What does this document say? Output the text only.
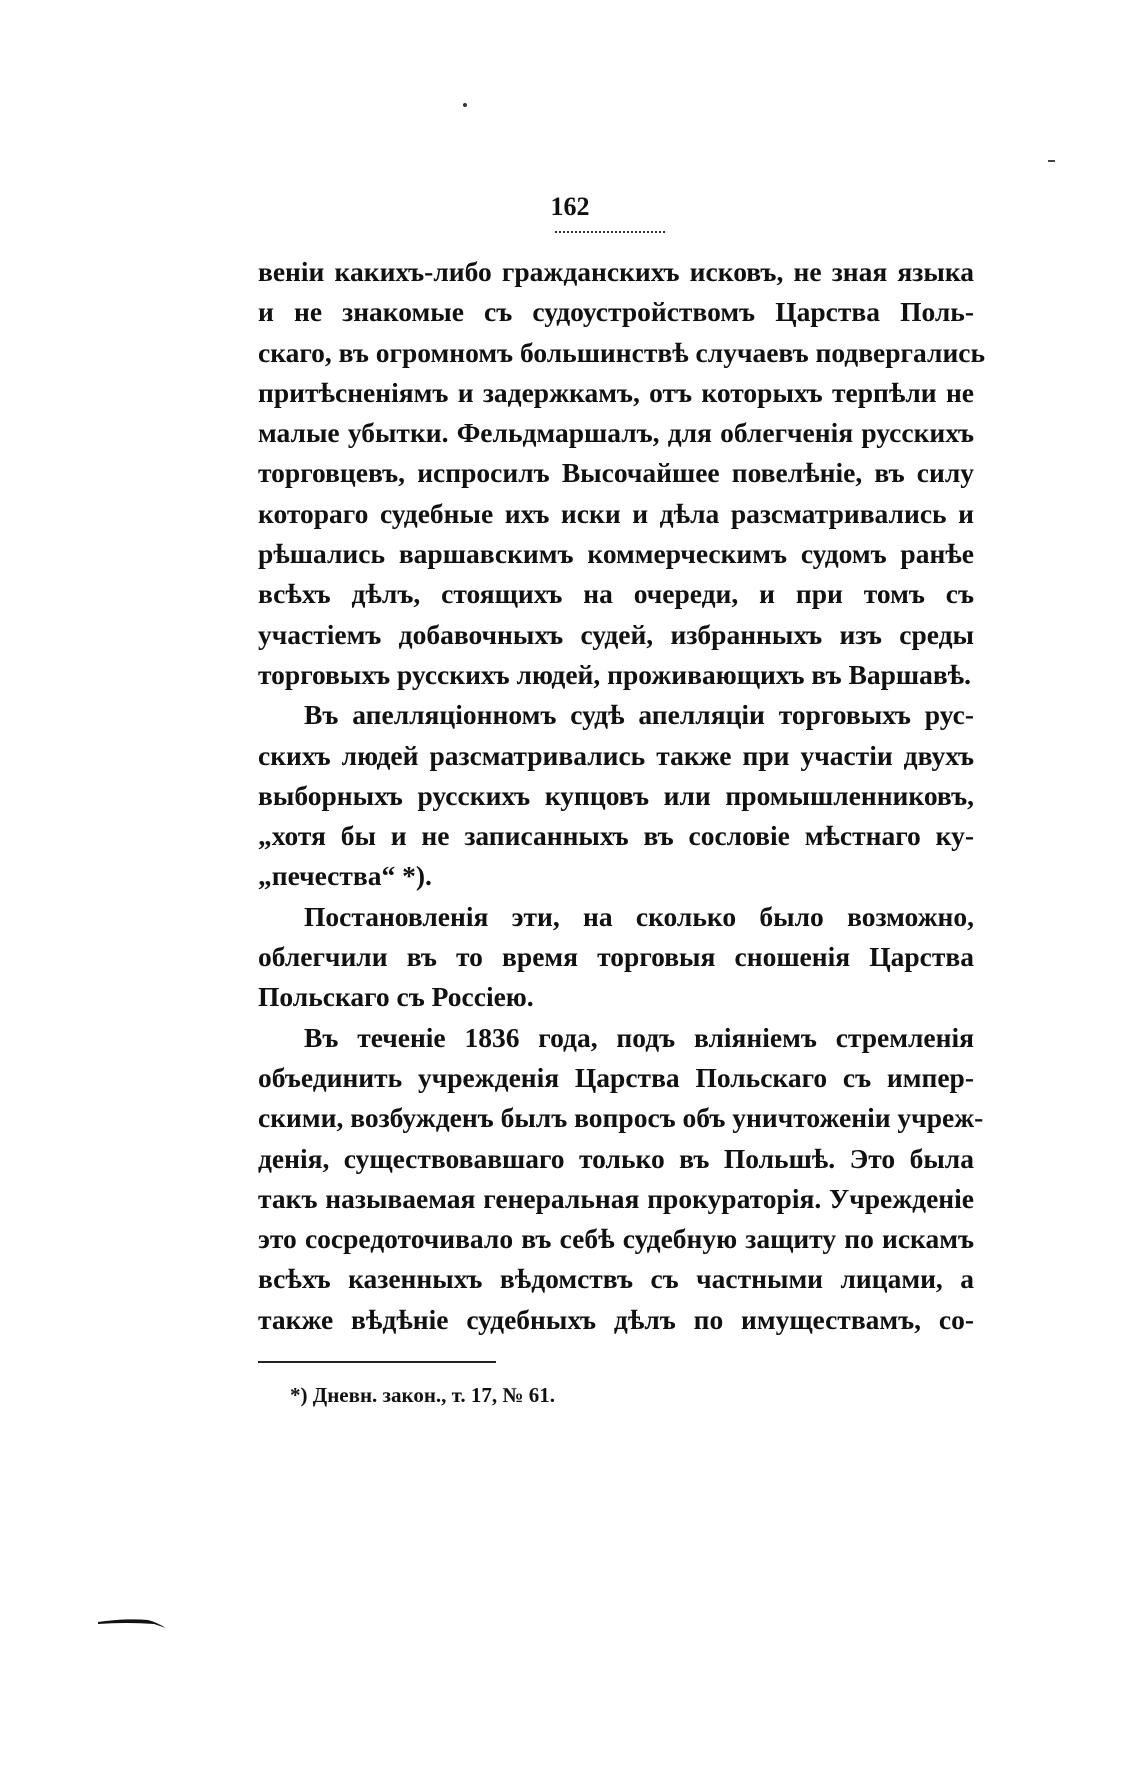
162
веніи какихъ-либо гражданскихъ исковъ, не зная языка
и не знакомые съ судоустройствомъ Царства Поль-
скаго, въ огромномъ большинствѣ случаевъ подвергались
притѣсненіямъ и задержкамъ, отъ которыхъ терпѣли не
малые убытки. Фельдмаршалъ, для облегченія русскихъ
торговцевъ, испросилъ Высочайшее повелѣніе, въ силу
котораго судебные ихъ иски и дѣла разсматривались и
рѣшались варшавскимъ коммерческимъ судомъ ранѣе
всѣхъ дѣлъ, стоящихъ на очереди, и при томъ съ
участіемъ добавочныхъ судей, избранныхъ изъ среды
торговыхъ русскихъ людей, проживающихъ въ Варшавѣ.
Въ апелляціонномъ судѣ апелляціи торговыхъ рус-
скихъ людей разсматривались также при участіи двухъ
выборныхъ русскихъ купцовъ или промышленниковъ,
„хотя бы и не записанныхъ въ сословіе мѣстнаго ку-
„печества“ *).
Постановленія эти, на сколько было возможно,
облегчили въ то время торговыя сношенія Царства
Польскаго съ Россіею.
Въ теченіе 1836 года, подъ вліяніемъ стремленія
объединить учрежденія Царства Польскаго съ импер-
скими, возбужденъ былъ вопросъ объ уничтоженіи учреж-
денія, существовавшаго только въ Польшѣ. Это была
такъ называемая генеральная прокураторія. Учрежденіе
это сосредоточивало въ себѣ судебную защиту по искамъ
всѣхъ казенныхъ вѣдомствъ съ частными лицами, а
также вѣдѣніе судебныхъ дѣлъ по имуществамъ, со-
*) Дневн. закон., т. 17, № 61.
